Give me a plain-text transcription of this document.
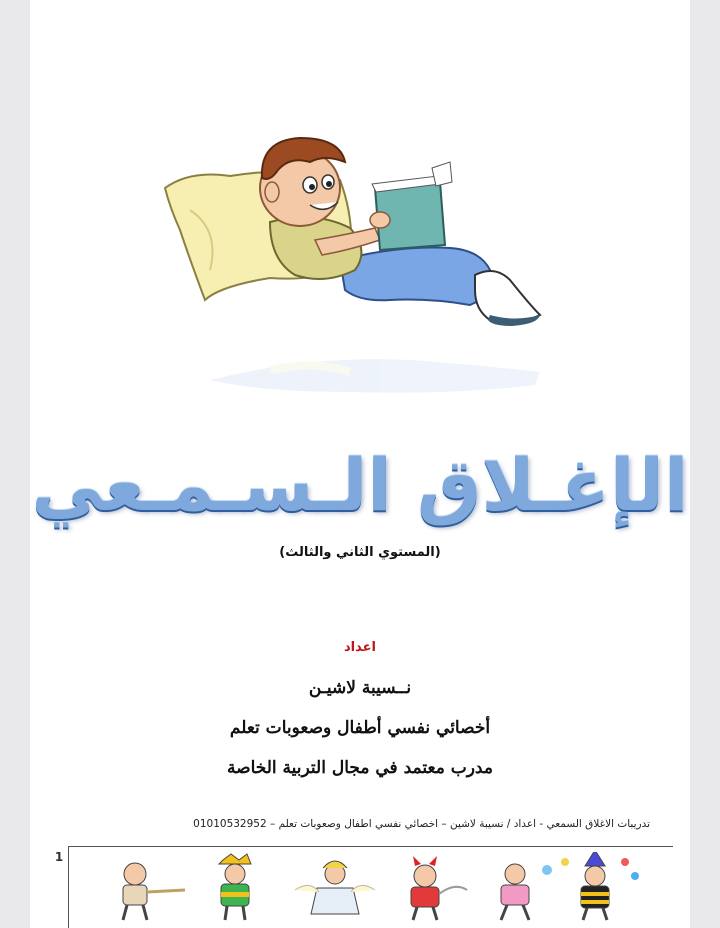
الإغـلاق الـسـمـعي
(المستوي الثاني والثالث)
اعداد
نــسيبة لاشيـن
أخصائي نفسي أطفال وصعوبات تعلم
مدرب معتمد في مجال التربية الخاصة
تدريبات الاغلاق السمعي - اعداد / نسيبة لاشين – اخصائي نفسي اطفال وصعوبات تعلم – 01010532952
1
